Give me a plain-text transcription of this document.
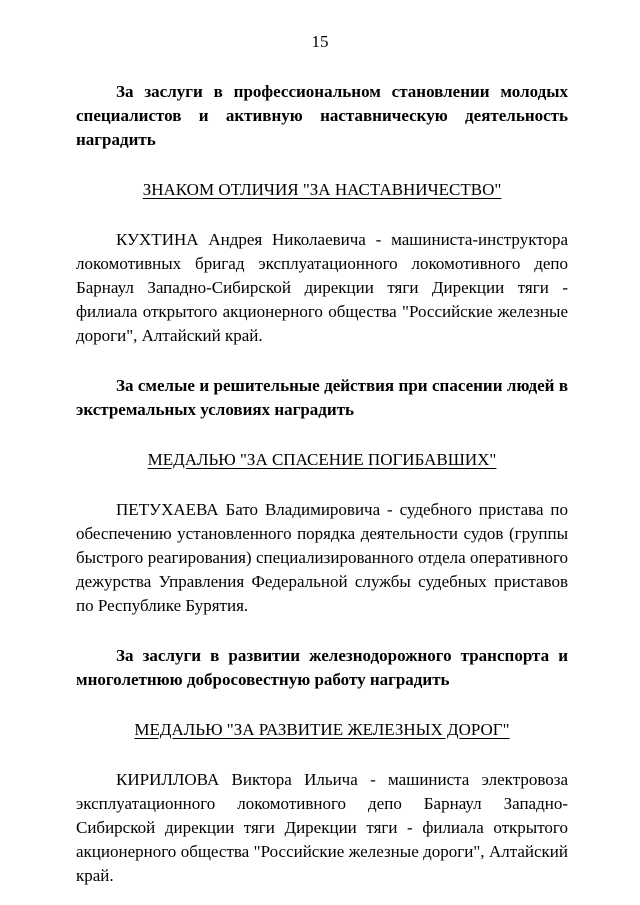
15

За заслуги в профессиональном становлении молодых специалистов и активную наставническую деятельность наградить

ЗНАКОМ ОТЛИЧИЯ "ЗА НАСТАВНИЧЕСТВО"

КУХТИНА Андрея Николаевича - машиниста-инструктора локомотивных бригад эксплуатационного локомотивного депо Барнаул Западно-Сибирской дирекции тяги Дирекции тяги - филиала открытого акционерного общества "Российские железные дороги", Алтайский край.

За смелые и решительные действия при спасении людей в экстремальных условиях наградить

МЕДАЛЬЮ "ЗА СПАСЕНИЕ ПОГИБАВШИХ"

ПЕТУХАЕВА Бато Владимировича - судебного пристава по обеспечению установленного порядка деятельности судов (группы быстрого реагирования) специализированного отдела оперативного дежурства Управления Федеральной службы судебных приставов по Республике Бурятия.

За заслуги в развитии железнодорожного транспорта и многолетнюю добросовестную работу наградить

МЕДАЛЬЮ "ЗА РАЗВИТИЕ ЖЕЛЕЗНЫХ ДОРОГ"

КИРИЛЛОВА Виктора Ильича - машиниста электровоза эксплуатационного локомотивного депо Барнаул Западно-Сибирской дирекции тяги Дирекции тяги - филиала открытого акционерного общества "Российские железные дороги", Алтайский край.
